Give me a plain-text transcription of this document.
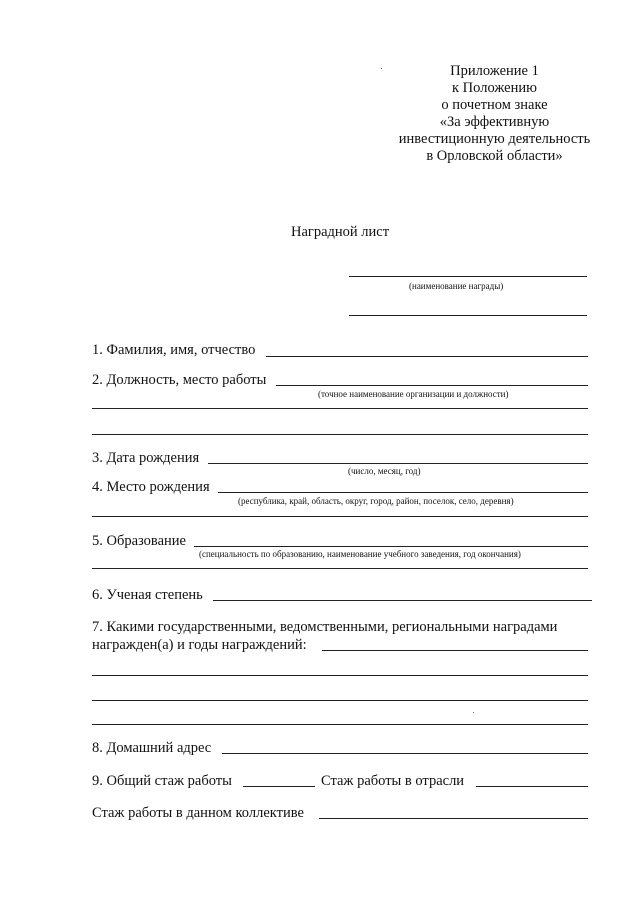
Приложение 1
к Положению
о почетном знаке
«За эффективную
инвестиционную деятельность
в Орловской области»
Наградной лист
(наименование награды)
1. Фамилия, имя, отчество
2. Должность, место работы
(точное наименование организации и должности)
3. Дата рождения
(число, месяц, год)
4. Место рождения
(республика, край, область, округ, город, район, поселок, село, деревня)
5. Образование
(специальность по образованию, наименование учебного заведения, год окончания)
6. Ученая степень
7. Какими государственными, ведомственными, региональными наградами
награжден(а) и годы награждений:
8. Домашний адрес
9. Общий стаж работы	Стаж работы в отрасли
Стаж работы в данном коллективе
